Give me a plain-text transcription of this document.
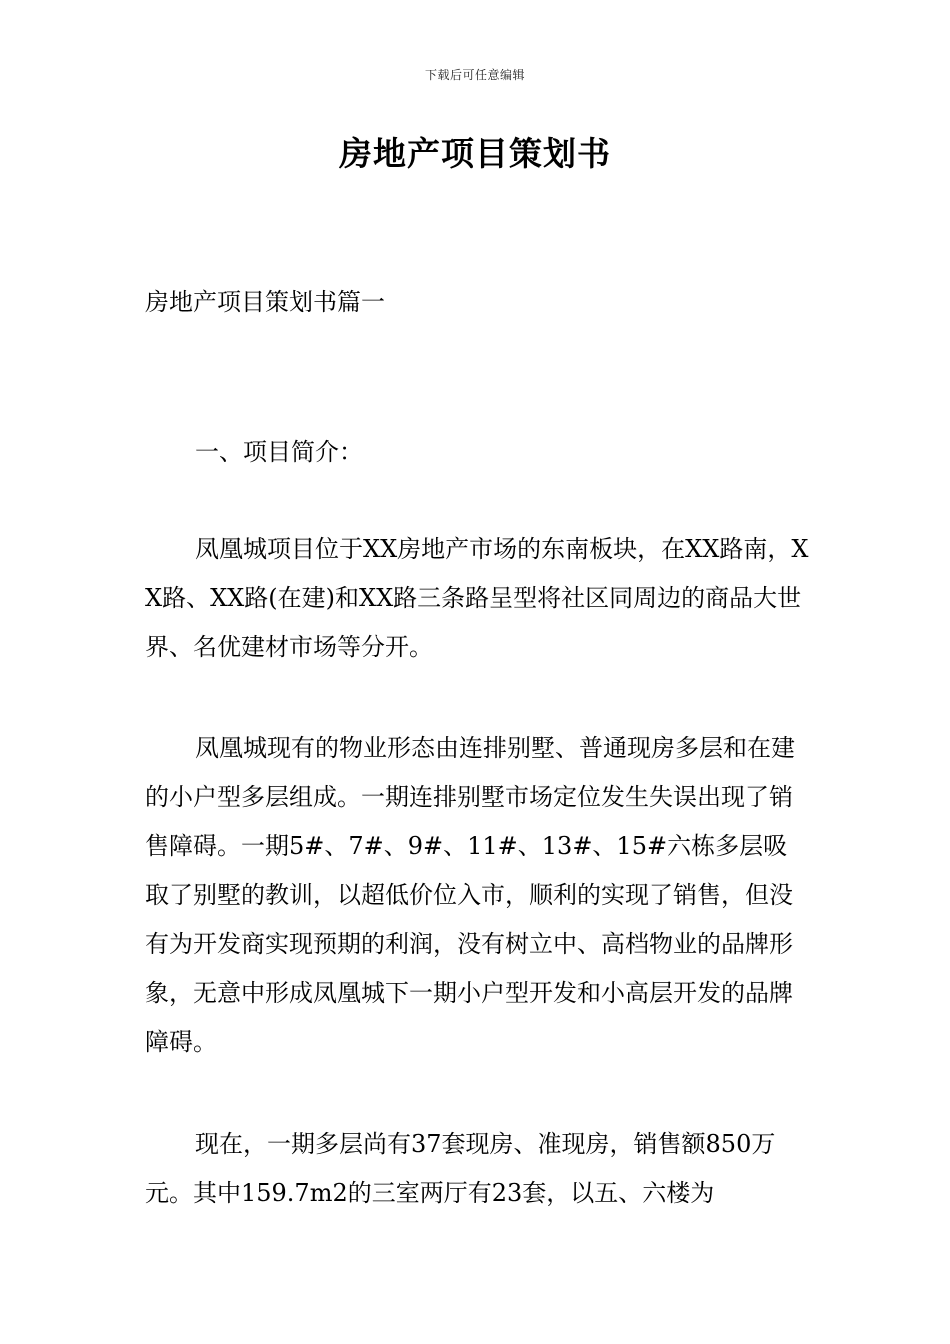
下载后可任意编辑
房地产项目策划书
房地产项目策划书篇一
一、项目简介：

凤凰城项目位于XX房地产市场的东南板块，在XX路南，XX路、XX路(在建)和XX路三条路呈型将社区同周边的商品大世界、名优建材市场等分开。

凤凰城现有的物业形态由连排别墅、普通现房多层和在建的小户型多层组成。一期连排别墅市场定位发生失误出现了销售障碍。一期5#、7#、9#、11#、13#、15#六栋多层吸取了别墅的教训，以超低价位入市，顺利的实现了销售，但没有为开发商实现预期的利润，没有树立中、高档物业的品牌形象，无意中形成凤凰城下一期小户型开发和小高层开发的品牌障碍。

现在，一期多层尚有37套现房、准现房，销售额850万元。其中159.7m2的三室两厅有23套，以五、六楼为
